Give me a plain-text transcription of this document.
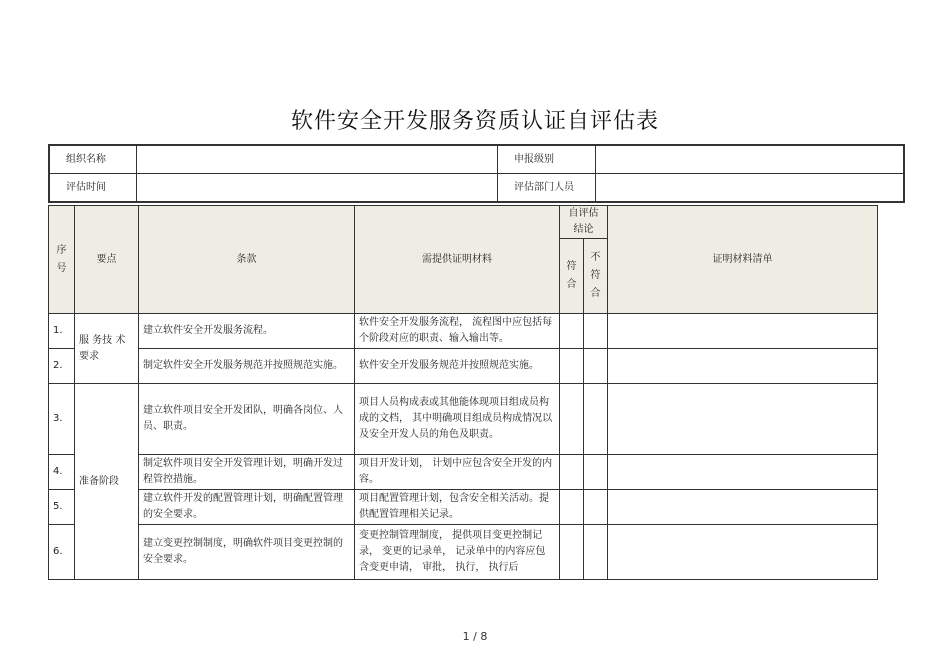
软件安全开发服务资质认证自评估表
组织名称		申报级别	
评估时间		评估部门人员	
序号	要点	条款	需提供证明材料	自评估结论		证明材料清单
				符合	不符合	
1.	服 务技 术要求	建立软件安全开发服务流程。	软件安全开发服务流程， 流程图中应包括每个阶段对应的职责、输入输出等。			
2.		制定软件安全开发服务规范并按照规范实施。	软件安全开发服务规范并按照规范实施。			
3.	准备阶段	建立软件项目安全开发团队，明确各岗位、人员、职责。	项目人员构成表或其他能体现项目组成员构成的文档， 其中明确项目组成员构成情况以及安全开发人员的角色及职责。			
4.		制定软件项目安全开发管理计划，明确开发过程管控措施。	项目开发计划， 计划中应包含安全开发的内容。			
5.		建立软件开发的配置管理计划，明确配置管理的安全要求。	项目配置管理计划，包含安全相关活动。提供配置管理相关记录。			
6.		建立变更控制制度，明确软件项目变更控制的安全要求。	变更控制管理制度， 提供项目变更控制记录， 变更的记录单， 记录单中的内容应包含变更申请， 审批， 执行， 执行后			
1 / 8
